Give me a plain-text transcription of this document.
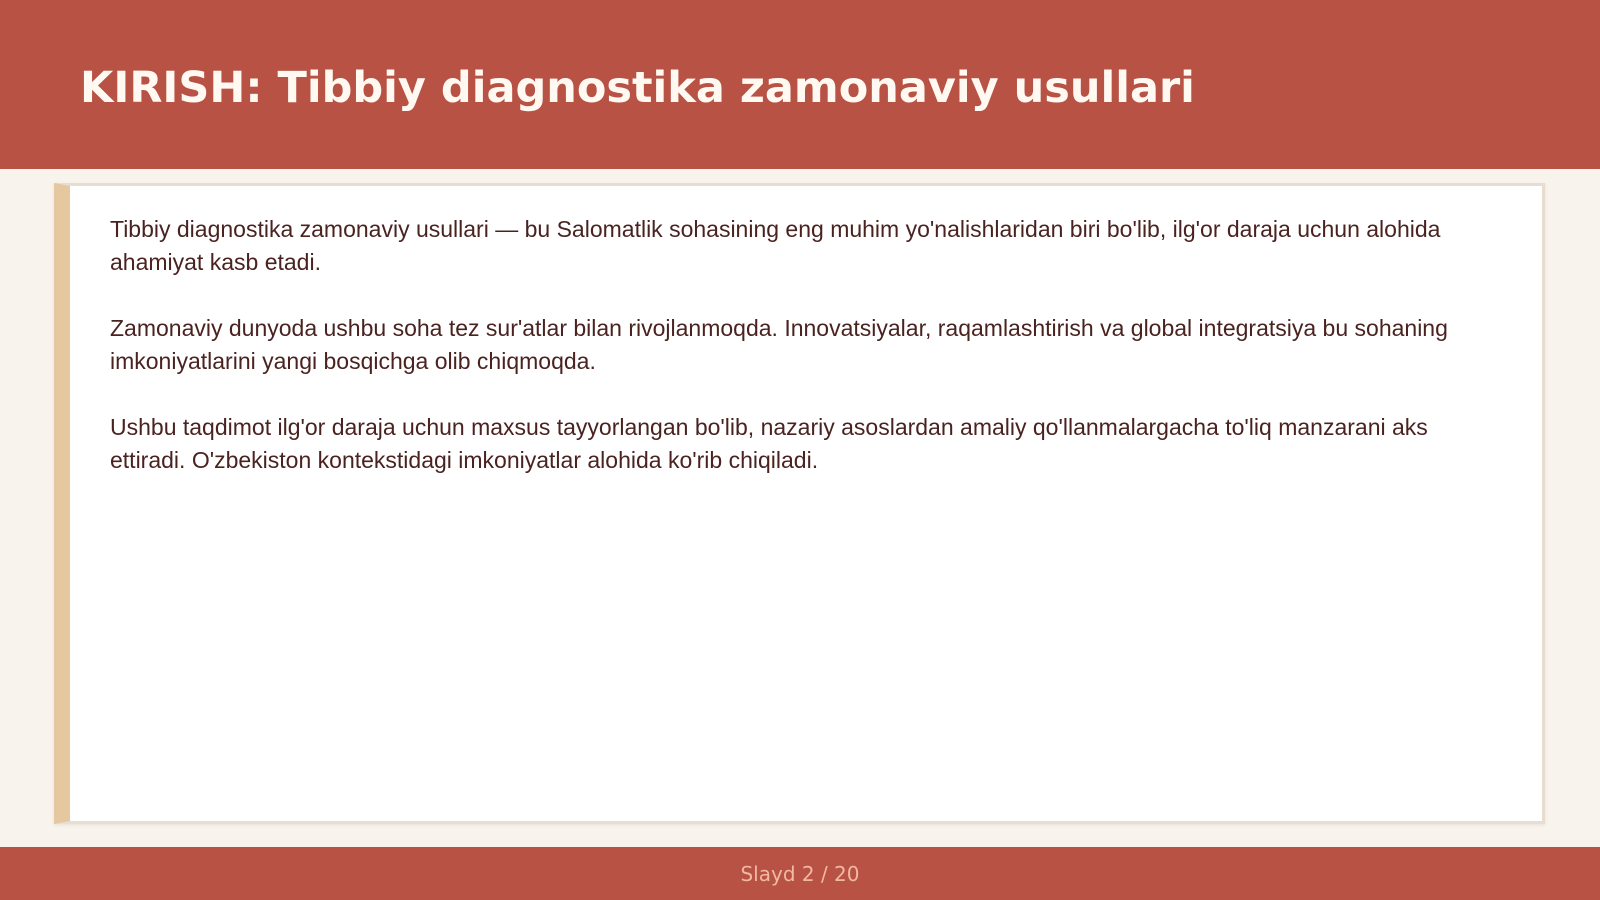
KIRISH: Tibbiy diagnostika zamonaviy usullari

Tibbiy diagnostika zamonaviy usullari — bu Salomatlik sohasining eng muhim yo'nalishlaridan biri bo'lib, ilg'or daraja uchun alohida ahamiyat kasb etadi.

Zamonaviy dunyoda ushbu soha tez sur'atlar bilan rivojlanmoqda. Innovatsiyalar, raqamlashtirish va global integratsiya bu sohaning imkoniyatlarini yangi bosqichga olib chiqmoqda.

Ushbu taqdimot ilg'or daraja uchun maxsus tayyorlangan bo'lib, nazariy asoslardan amaliy qo'llanmalargacha to'liq manzarani aks ettiradi. O'zbekiston kontekstidagi imkoniyatlar alohida ko'rib chiqiladi.

Slayd 2 / 20
